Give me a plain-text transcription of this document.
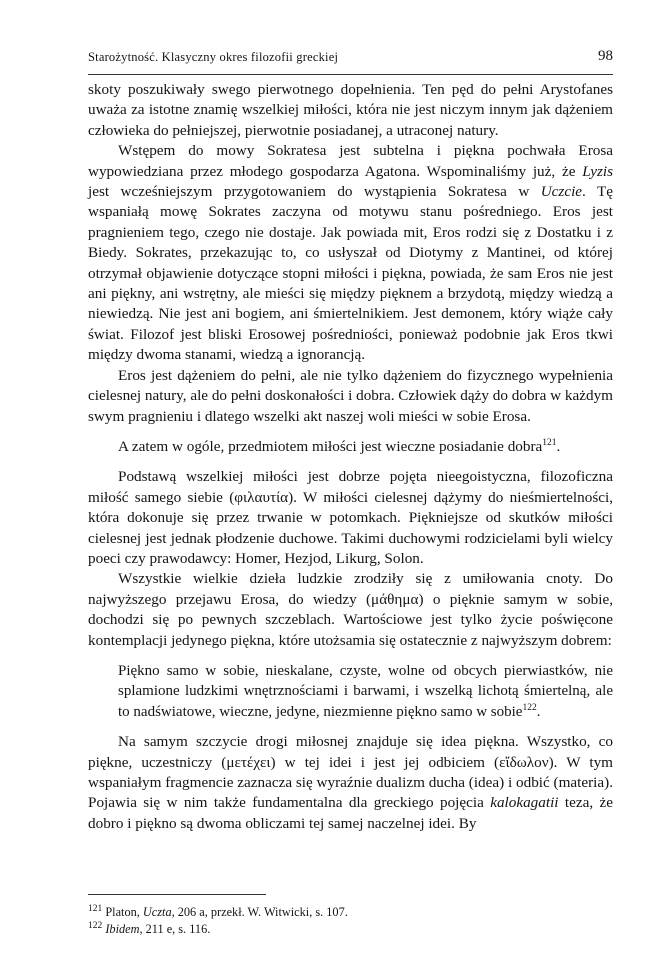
Starożytność. Klasyczny okres filozofii greckiej	98

skoty poszukiwały swego pierwotnego dopełnienia. Ten pęd do pełni Arystofanes uważa za istotne znamię wszelkiej miłości, która nie jest niczym innym jak dążeniem człowieka do pełniejszej, pierwotnie posiadanej, a utraconej natury.

Wstępem do mowy Sokratesa jest subtelna i piękna pochwała Erosa wypowiedziana przez młodego gospodarza Agatona. Wspominaliśmy już, że Lyzis jest wcześniejszym przygotowaniem do wystąpienia Sokratesa w Uczcie. Tę wspaniałą mowę Sokrates zaczyna od motywu stanu pośredniego. Eros jest pragnieniem tego, czego nie dostaje. Jak powiada mit, Eros rodzi się z Dostatku i z Biedy. Sokrates, przekazując to, co usłyszał od Diotymy z Mantinei, od której otrzymał objawienie dotyczące stopni miłości i piękna, powiada, że sam Eros nie jest ani piękny, ani wstrętny, ale mieści się między pięknem a brzydotą, między wiedzą a niewiedzą. Nie jest ani bogiem, ani śmiertelnikiem. Jest demonem, który wiąże cały świat. Filozof jest bliski Erosowej pośredniości, ponieważ podobnie jak Eros tkwi między dwoma stanami, wiedzą a ignorancją.

Eros jest dążeniem do pełni, ale nie tylko dążeniem do fizycznego wypełnienia cielesnej natury, ale do pełni doskonałości i dobra. Człowiek dąży do dobra w każdym swym pragnieniu i dlatego wszelki akt naszej woli mieści w sobie Erosa.

A zatem w ogóle, przedmiotem miłości jest wieczne posiadanie dobra$^{121}$.

Podstawą wszelkiej miłości jest dobrze pojęta nieegoistyczna, filozoficzna miłość samego siebie (φιλαυτία). W miłości cielesnej dążymy do nieśmiertelności, która dokonuje się przez trwanie w potomkach. Piękniejsze od skutków miłości cielesnej jest jednak płodzenie duchowe. Takimi duchowymi rodzicielami byli wielcy poeci czy prawodawcy: Homer, Hezjod, Likurg, Solon.

Wszystkie wielkie dzieła ludzkie zrodziły się z umiłowania cnoty. Do najwyższego przejawu Erosa, do wiedzy (μάθημα) o pięknie samym w sobie, dochodzi się po pewnych szczeblach. Wartościowe jest tylko życie poświęcone kontemplacji jedynego piękna, które utożsamia się ostatecznie z najwyższym dobrem:

Piękno samo w sobie, nieskalane, czyste, wolne od obcych pierwiastków, nie splamione ludzkimi wnętrznościami i barwami, i wszelką lichotą śmiertelną, ale to nadświatowe, wieczne, jedyne, niezmienne piękno samo w sobie$^{122}$.

Na samym szczycie drogi miłosnej znajduje się idea piękna. Wszystko, co piękne, uczestniczy (μετέχει) w tej idei i jest jej odbiciem (εἴδωλον). W tym wspaniałym fragmencie zaznacza się wyraźnie dualizm ducha (idea) i odbić (materia). Pojawia się w nim także fundamentalna dla greckiego pojęcia kalokagatii teza, że dobro i piękno są dwoma obliczami tej samej naczelnej idei. By

$^{121}$ Platon, Uczta, 206 a, przekł. W. Witwicki, s. 107.

$^{122}$ Ibidem, 211 e, s. 116.
